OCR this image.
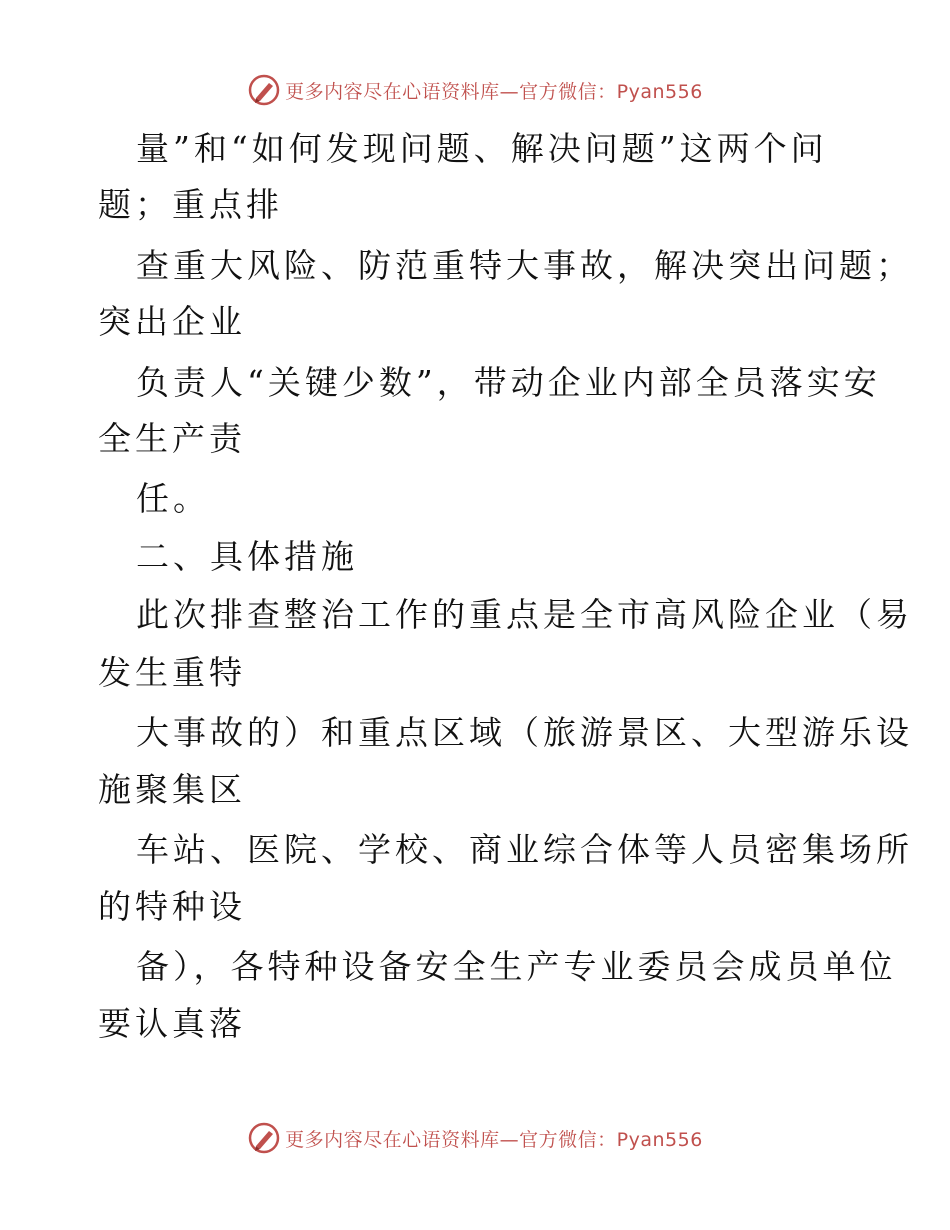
更多内容尽在心语资料库—官方微信：Pyan556
量”和“如何发现问题、解决问题”这两个问
题；重点排
查重大风险、防范重特大事故，解决突出问题；
突出企业
负责人“关键少数”，带动企业内部全员落实安
全生产责
任。
二、具体措施
此次排查整治工作的重点是全市高风险企业（易
发生重特
大事故的）和重点区域（旅游景区、大型游乐设
施聚集区
车站、医院、学校、商业综合体等人员密集场所
的特种设
备），各特种设备安全生产专业委员会成员单位
要认真落
更多内容尽在心语资料库—官方微信：Pyan556
